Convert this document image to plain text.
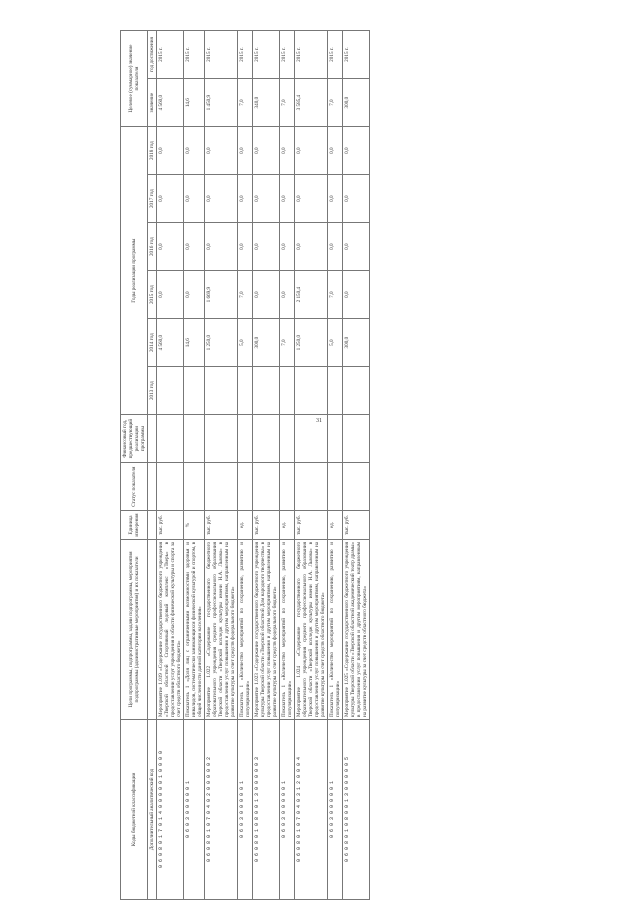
31
Коды бюджетной классификации	Цели программы, подпрограммы, задачи подпрограммы, мероприятия подпрограммы (административные мероприятия) и их показатели	Единица измерения	Статус показателя	Финансовый год, предшествующий реализации программы	Годы реализации программы						Целевое (суммарное) значение показателя	
Дополнительный аналитический код					2013 год	2014 год	2015 год	2016 год	2017 год	2018 год	значение	год достижения
0 6 0 8 0 1 7 0 1 4 0 0 0 0 0 1 0 0 0 0	Мероприятие 1.019 «Содержание государственного бюджетного учреждения «Тверской областной Спортивный ледовый комплекс «Тверь» в предоставлении услуг учреждения в области физической культуры и спорта за счет средств областного бюджета»	тыс. руб.				4 560,0	0,0	0,0	0,0	0,0	4 560,0	2015 г.
0 6 0 3 0 0 0 0 0 1	Показатель 1 «Доля лиц с ограниченными возможностями здоровья и инвалидов, систематически занимающихся физической культурой и спортом, в общей численности данной категории населения»	%				14,6	0,0	0,0	0,0	0,0	14,6	2015 г.
0 6 0 8 0 1 0 7 0 4 0 2 0 0 0 0 0 2	Мероприятие 1.022 «Содержание государственного бюджетного образовательного учреждения среднего профессионального образования Тверской области «Тверской колледж культуры имени Н.А. Львова» в предоставлении услуг повышения и другим мероприятиям, направленным на развитие культуры за счет средств федерального бюджета»	тыс. руб.				1 250,0	1 669,9	0,0	0,0	0,0	1 450,9	2015 г.
0 6 0 3 0 0 0 0 0 1	Показатель 1 «Количество мероприятий по сохранению, развитию и популяризации»	ед.				5,0	7,0	0,0	0,0	0,0	7,0	2015 г.
0 6 0 8 0 1 0 8 0 0 1 3 0 0 0 0 0 3	Мероприятие 1.023 «Содержание государственного бюджетного учреждения культуры Тверской области «Тверской областной Дом народного творчества» в предоставлении услуг повышения и другим мероприятиям, направленным на развитие культуры за счет средств федерального бюджета»	тыс. руб.				300,0	0,0	0,0	0,0	0,0	340,0	2015 г.
0 6 0 3 0 0 0 0 0 1	Показатель 1 «Количество мероприятий по сохранению, развитию и популяризации»	ед.				7,0	0,0	0,0	0,0	0,0	7,0	2015 г.
0 6 0 8 0 1 0 7 0 4 0 3 1 2 0 0 0 4	Мероприятие 1.024 «Содержание государственного бюджетного образовательного учреждения среднего профессионального образования Тверской области «Тверской колледж культуры имени Н.А. Львова» в предоставлении услуг повышения и другим мероприятиям, направленным на развитие культуры за счет средств областного бюджета»	тыс. руб.				1 250,0	2 150,4	0,0	0,0	0,0	3 585,4	2015 г.
0 6 0 3 0 0 0 0 0 1	Показатель 1 «Количество мероприятий по сохранению, развитию и популяризации»	ед.				5,0	7,0	0,0	0,0	0,0	7,0	2015 г.
0 6 0 8 0 1 0 8 0 0 1 3 0 0 0 0 0 5	Мероприятие 1.025 «Содержание государственного бюджетного учреждения культуры Тверской области «Тверской областной академический театр драмы» в предоставлении услуг повышения и другим мероприятиям, направленным на развитие культуры за счет средств областного бюджета»	тыс. руб.				300,0	0,0	0,0	0,0	0,0	300,0	2015 г.
